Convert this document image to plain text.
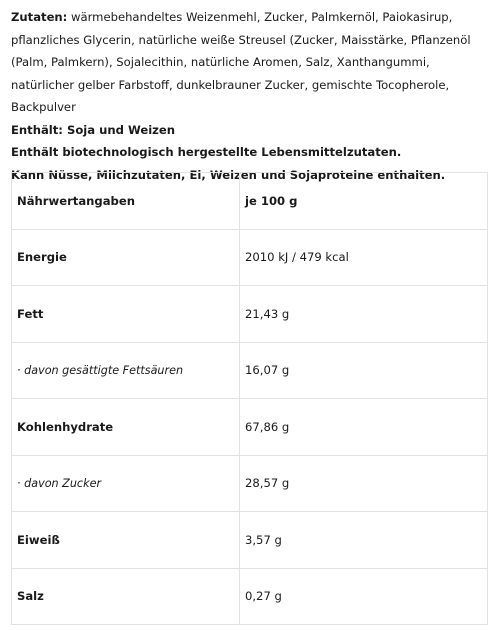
Zutaten: wärmebehandeltes Weizenmehl, Zucker, Palmkernöl, Paiokasirup, pflanzliches Glycerin, natürliche weiße Streusel (Zucker, Maisstärke, Pflanzenöl (Palm, Palmkern), Sojalecithin, natürliche Aromen, Salz, Xanthangummi, natürlicher gelber Farbstoff, dunkelbrauner Zucker, gemischte Tocopherole, Backpulver

Enthält: Soja und Weizen

Enthält biotechnologisch hergestellte Lebensmittelzutaten.

Kann Nüsse, Milchzutaten, Ei, Weizen und Sojaproteine enthalten.

Nährwertangaben	je 100 g
Energie	2010 kJ / 479 kcal
Fett	21,43 g
· davon gesättigte Fettsäuren	16,07 g
Kohlenhydrate	67,86 g
· davon Zucker	28,57 g
Eiweiß	3,57 g
Salz	0,27 g
